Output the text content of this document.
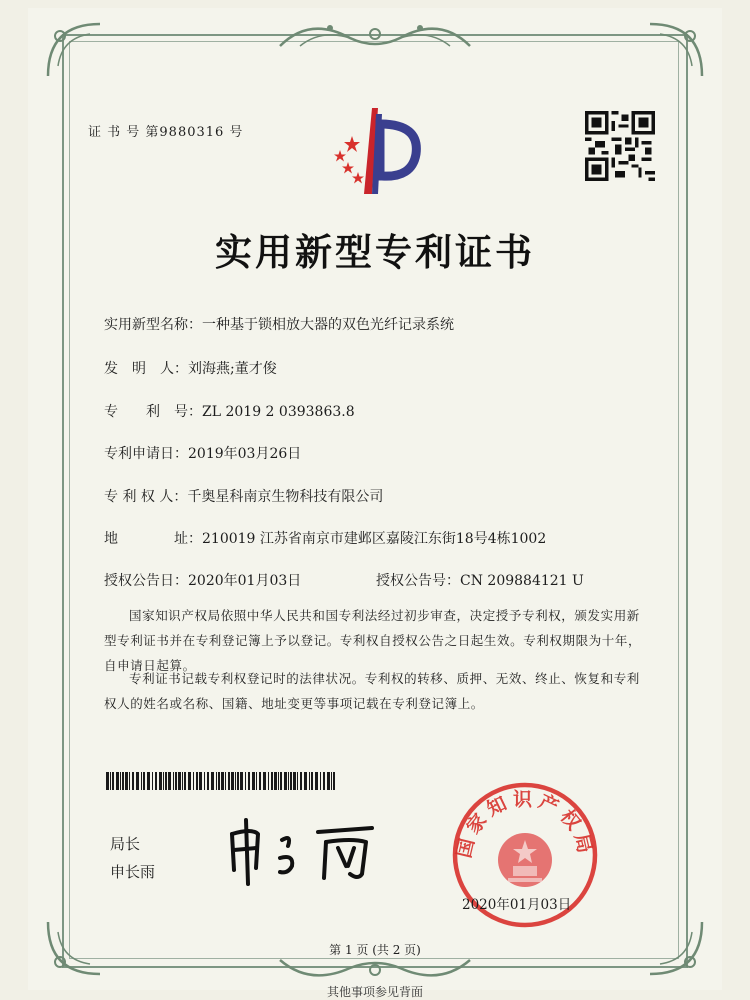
证 书 号 第9880316 号
实用新型专利证书
实用新型名称：一种基于锁相放大器的双色光纤记录系统
发　明　人：刘海燕;董才俊
专　　利　号：ZL 2019 2 0393863.8
专利申请日：2019年03月26日
专 利 权 人：千奥星科南京生物科技有限公司
地　　　　址：210019 江苏省南京市建邺区嘉陵江东街18号4栋1002
授权公告日：2020年01月03日	授权公告号：CN 209884121 U
国家知识产权局依照中华人民共和国专利法经过初步审查，决定授予专利权，颁发实用新型专利证书并在专利登记簿上予以登记。专利权自授权公告之日起生效。专利权期限为十年，自申请日起算。
专利证书记载专利权登记时的法律状况。专利权的转移、质押、无效、终止、恢复和专利权人的姓名或名称、国籍、地址变更等事项记载在专利登记簿上。
局长
申长雨
国家知识产权局
2020年01月03日
第 1 页 (共 2 页)
其他事项参见背面
